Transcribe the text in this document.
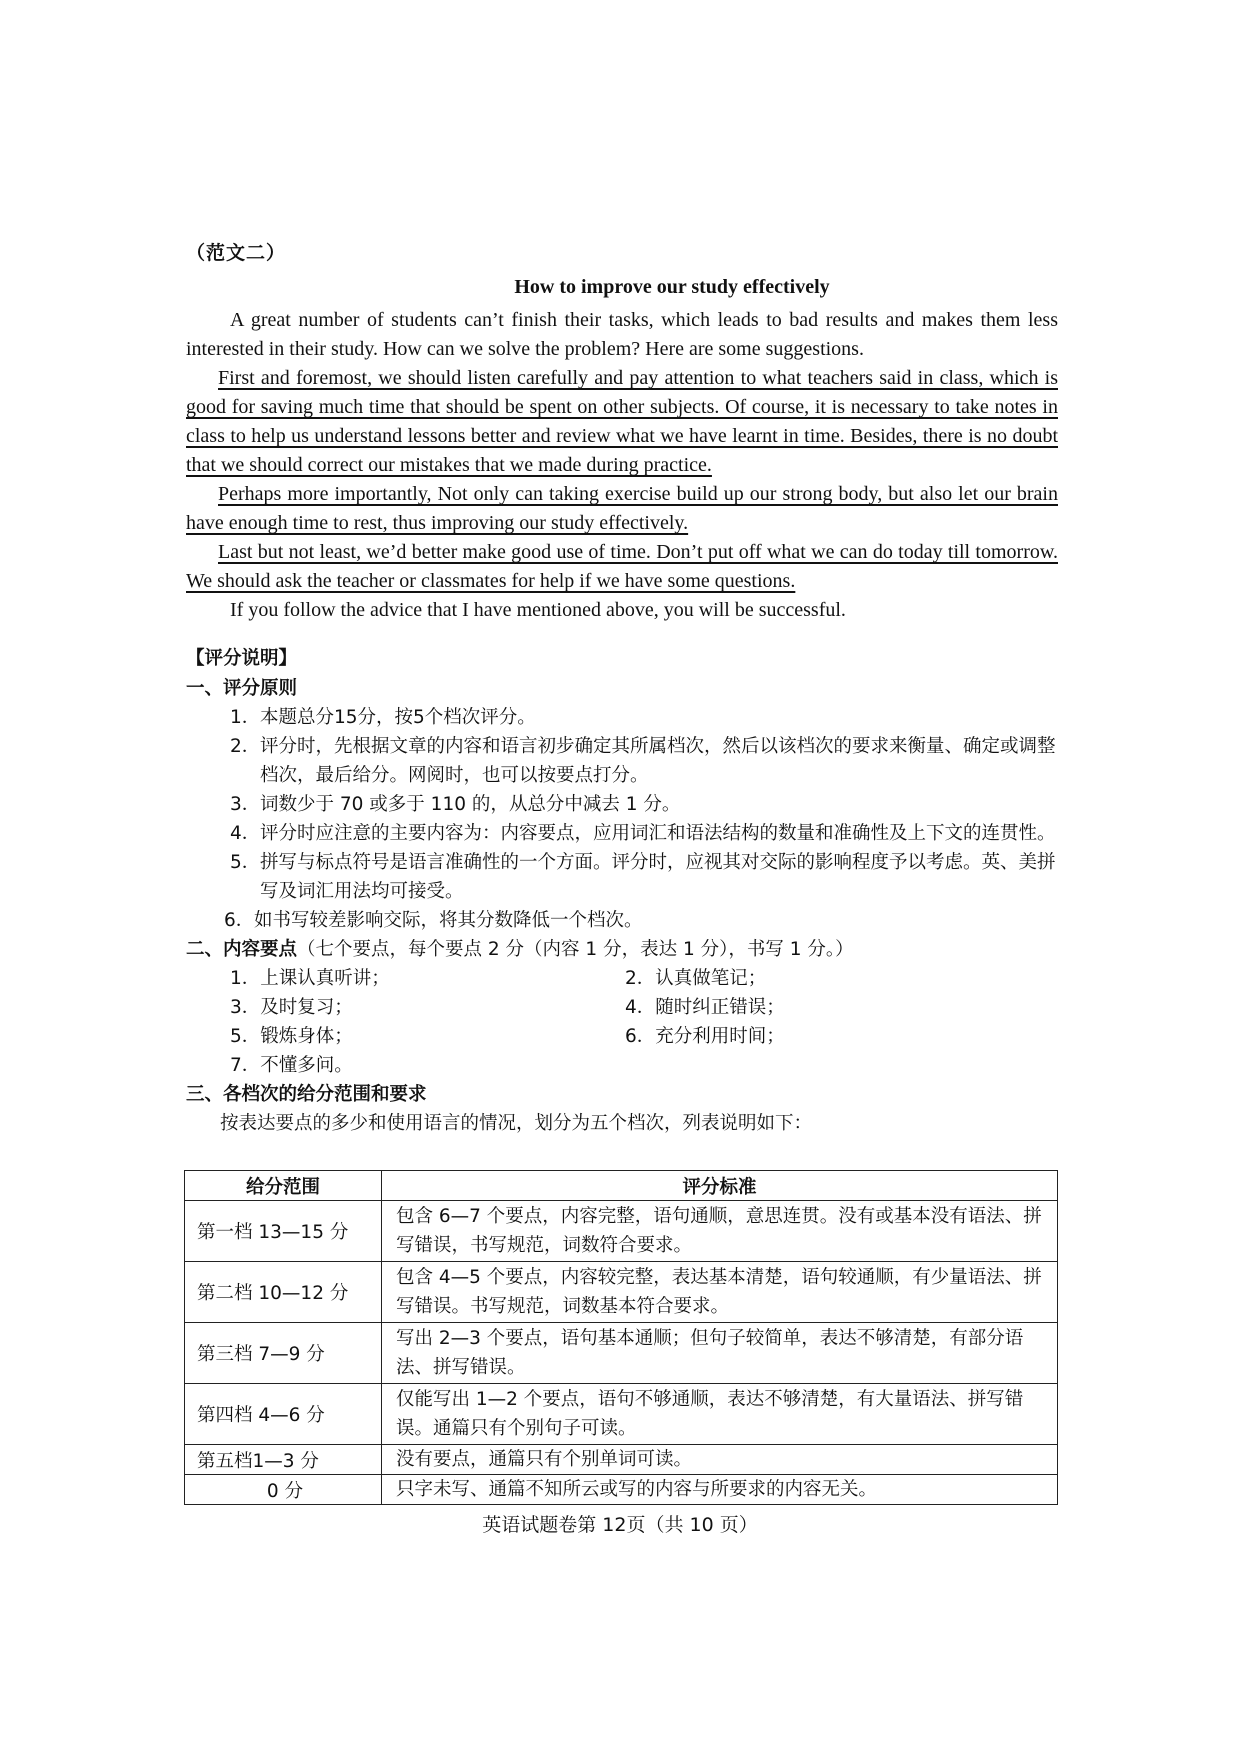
（范文二）
How to improve our study effectively

A great number of students can’t finish their tasks, which leads to bad results and makes them less interested in their study. How can we solve the problem? Here are some suggestions.

First and foremost, we should listen carefully and pay attention to what teachers said in class, which is good for saving much time that should be spent on other subjects. Of course, it is necessary to take notes in class to help us understand lessons better and review what we have learnt in time. Besides, there is no doubt that we should correct our mistakes that we made during practice.

Perhaps more importantly, Not only can taking exercise build up our strong body, but also let our brain have enough time to rest, thus improving our study effectively.

Last but not least, we’d better make good use of time. Don’t put off what we can do today till tomorrow. We should ask the teacher or classmates for help if we have some questions.

If you follow the advice that I have mentioned above, you will be successful.

【评分说明】
一、评分原则
1． 本题总分15分，按5个档次评分。
2． 评分时，先根据文章的内容和语言初步确定其所属档次，然后以该档次的要求来衡量、确定或调整档次，最后给分。网阅时，也可以按要点打分。
3． 词数少于 70 或多于 110 的，从总分中减去 1 分。
4． 评分时应注意的主要内容为：内容要点，应用词汇和语法结构的数量和准确性及上下文的连贯性。
5． 拼写与标点符号是语言准确性的一个方面。评分时，应视其对交际的影响程度予以考虑。英、美拼写及词汇用法均可接受。
6． 如书写较差影响交际，将其分数降低一个档次。
二、内容要点（七个要点，每个要点 2 分（内容 1 分，表达 1 分），书写 1 分。）
1．上课认真听讲；	2．认真做笔记；
3．及时复习；	4．随时纠正错误；
5．锻炼身体；	6．充分利用时间；
7．不懂多问。
三、各档次的给分范围和要求
按表达要点的多少和使用语言的情况，划分为五个档次，列表说明如下：
给分范围	评分标准
第一档 13—15 分	包含 6—7 个要点，内容完整，语句通顺，意思连贯。没有或基本没有语法、拼写错误，书写规范，词数符合要求。
第二档 10—12 分	包含 4—5 个要点，内容较完整，表达基本清楚，语句较通顺，有少量语法、拼写错误。书写规范，词数基本符合要求。
第三档 7—9 分	写出 2—3 个要点，语句基本通顺；但句子较简单，表达不够清楚，有部分语法、拼写错误。
第四档 4—6 分	仅能写出 1—2 个要点，语句不够通顺，表达不够清楚，有大量语法、拼写错误。通篇只有个别句子可读。
第五档1—3 分	没有要点，通篇只有个别单词可读。
0 分	只字未写、通篇不知所云或写的内容与所要求的内容无关。
英语试题卷第 12页（共 10 页）
